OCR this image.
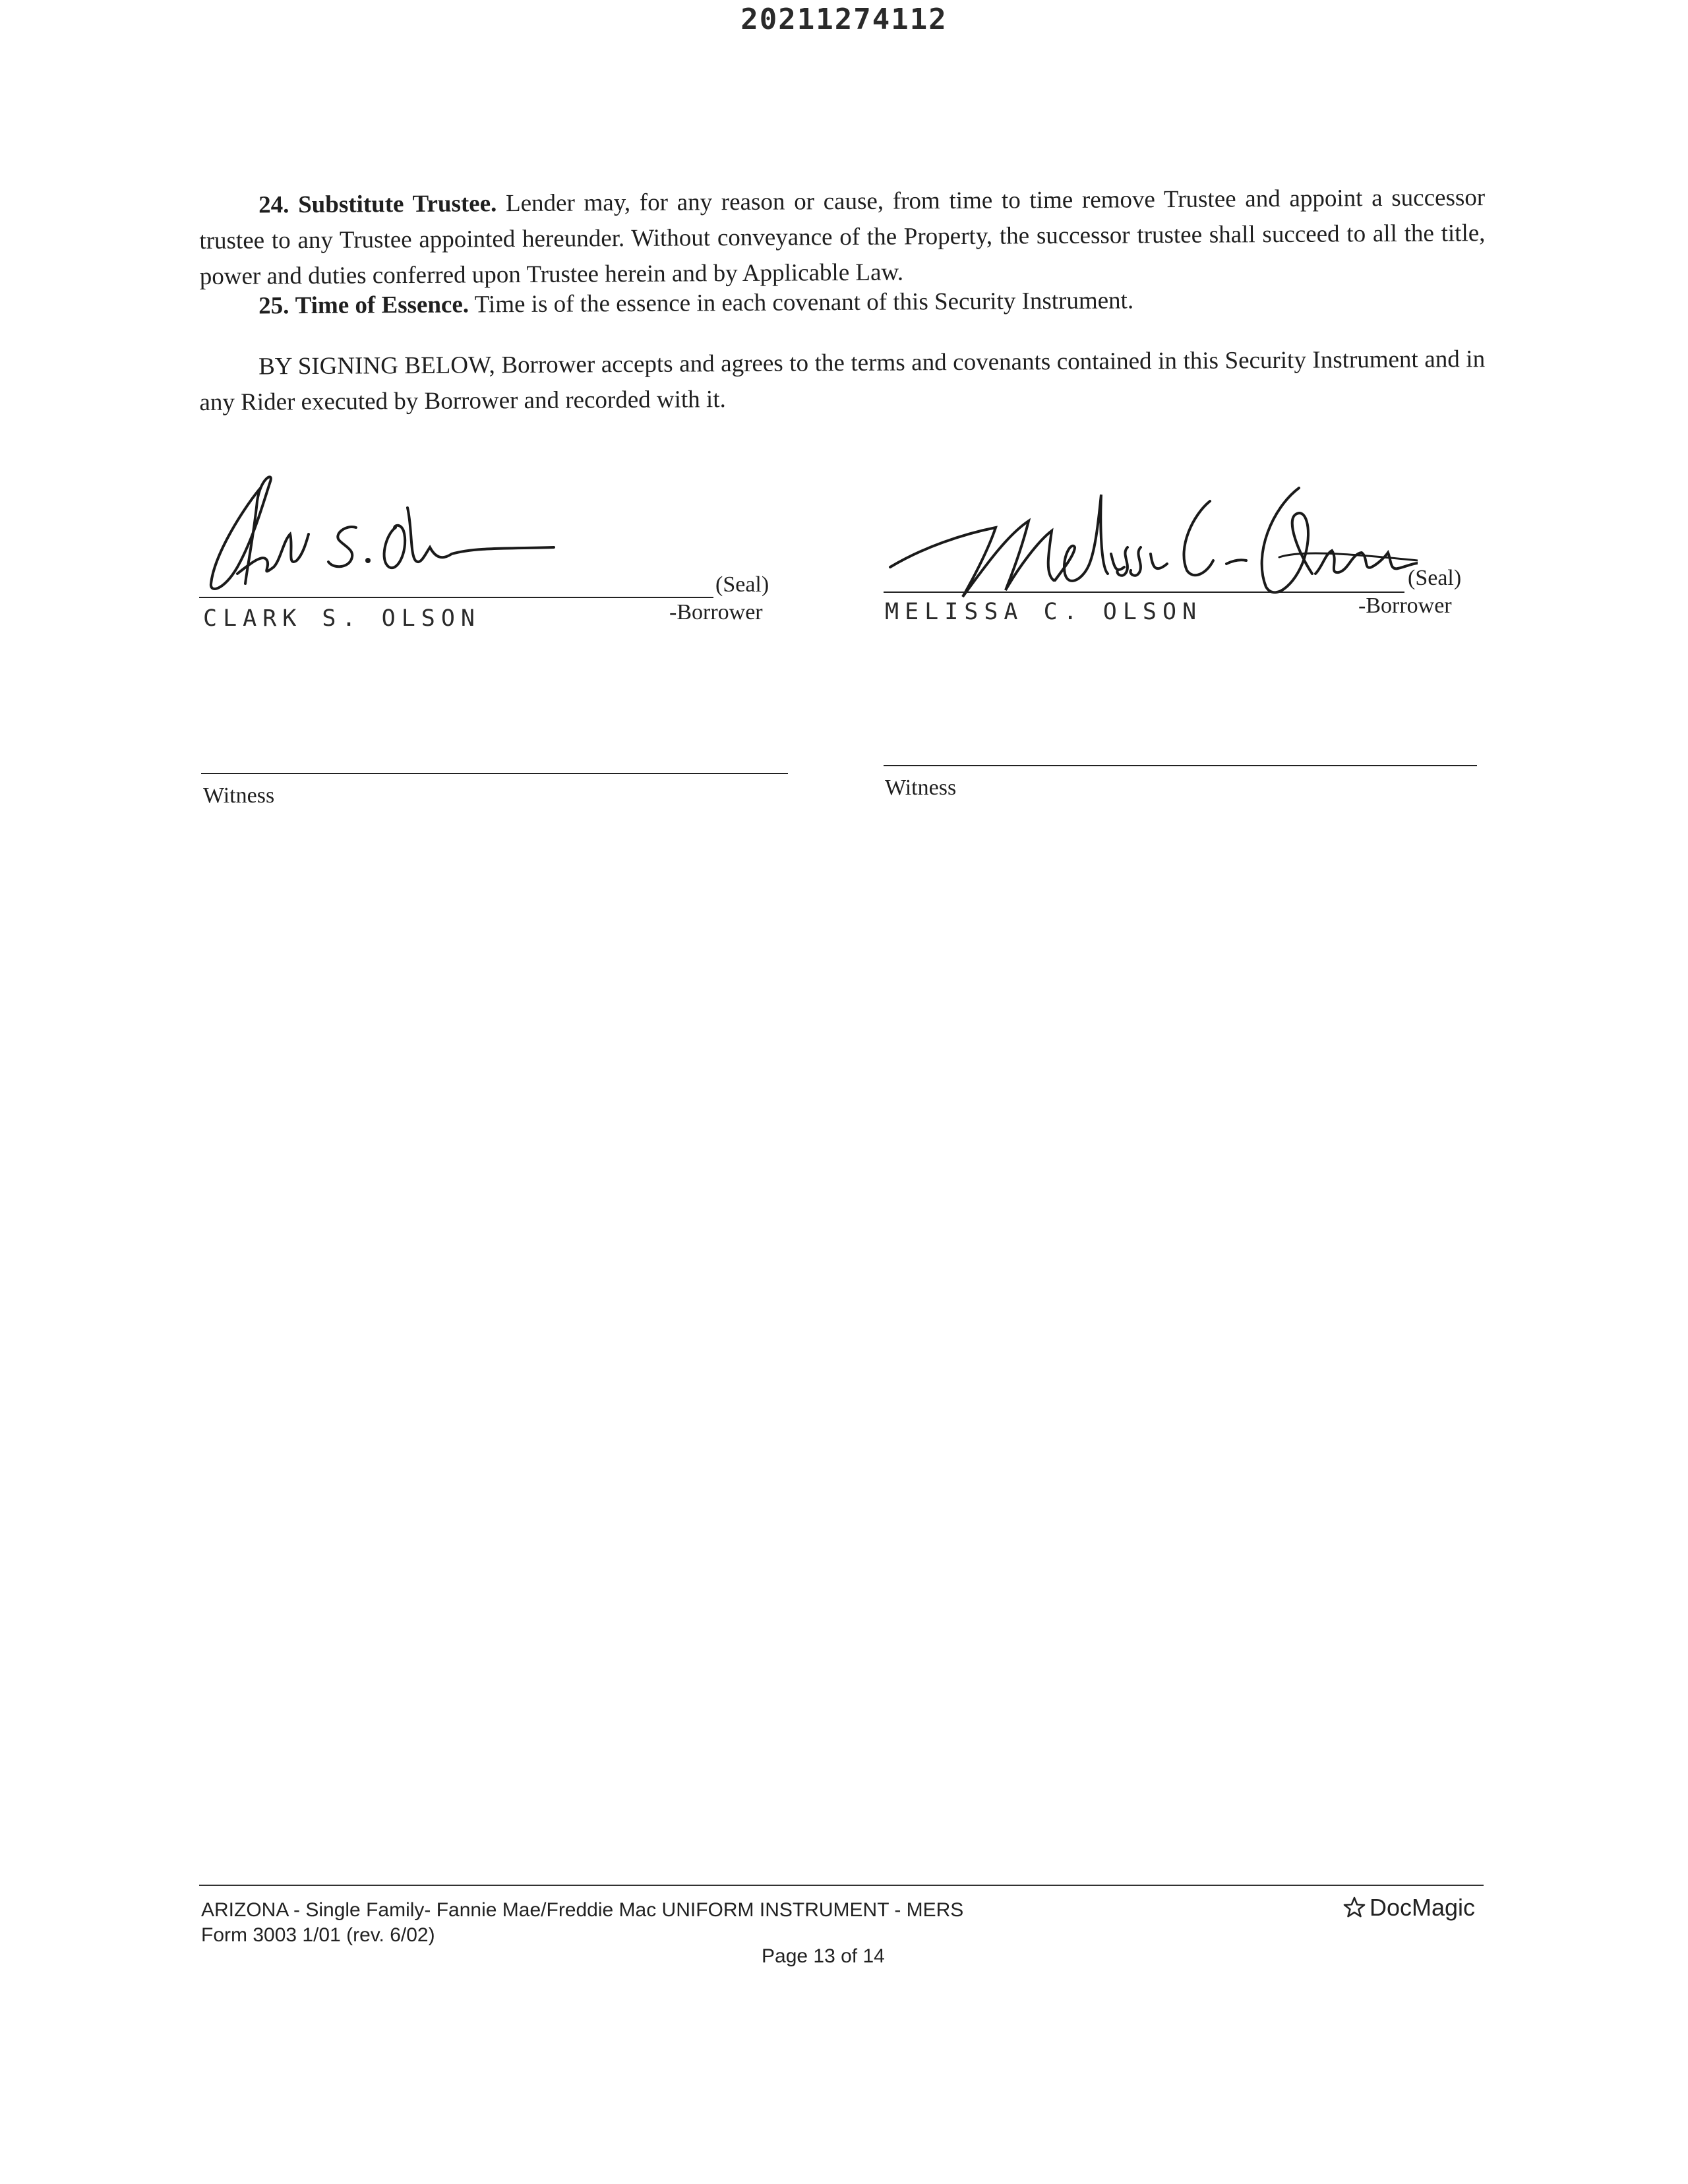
20211274112
24. Substitute Trustee. Lender may, for any reason or cause, from time to time remove Trustee and appoint a successor trustee to any Trustee appointed hereunder. Without conveyance of the Property, the successor trustee shall succeed to all the title, power and duties conferred upon Trustee herein and by Applicable Law.
25. Time of Essence. Time is of the essence in each covenant of this Security Instrument.
BY SIGNING BELOW, Borrower accepts and agrees to the terms and covenants contained in this Security Instrument and in any Rider executed by Borrower and recorded with it.
(Seal)
CLARK S. OLSON	-Borrower
(Seal)
MELISSA C. OLSON	-Borrower
Witness	Witness
ARIZONA - Single Family- Fannie Mae/Freddie Mac UNIFORM INSTRUMENT - MERS
Form 3003 1/01 (rev. 6/02)
Page 13 of 14
DocMagic
